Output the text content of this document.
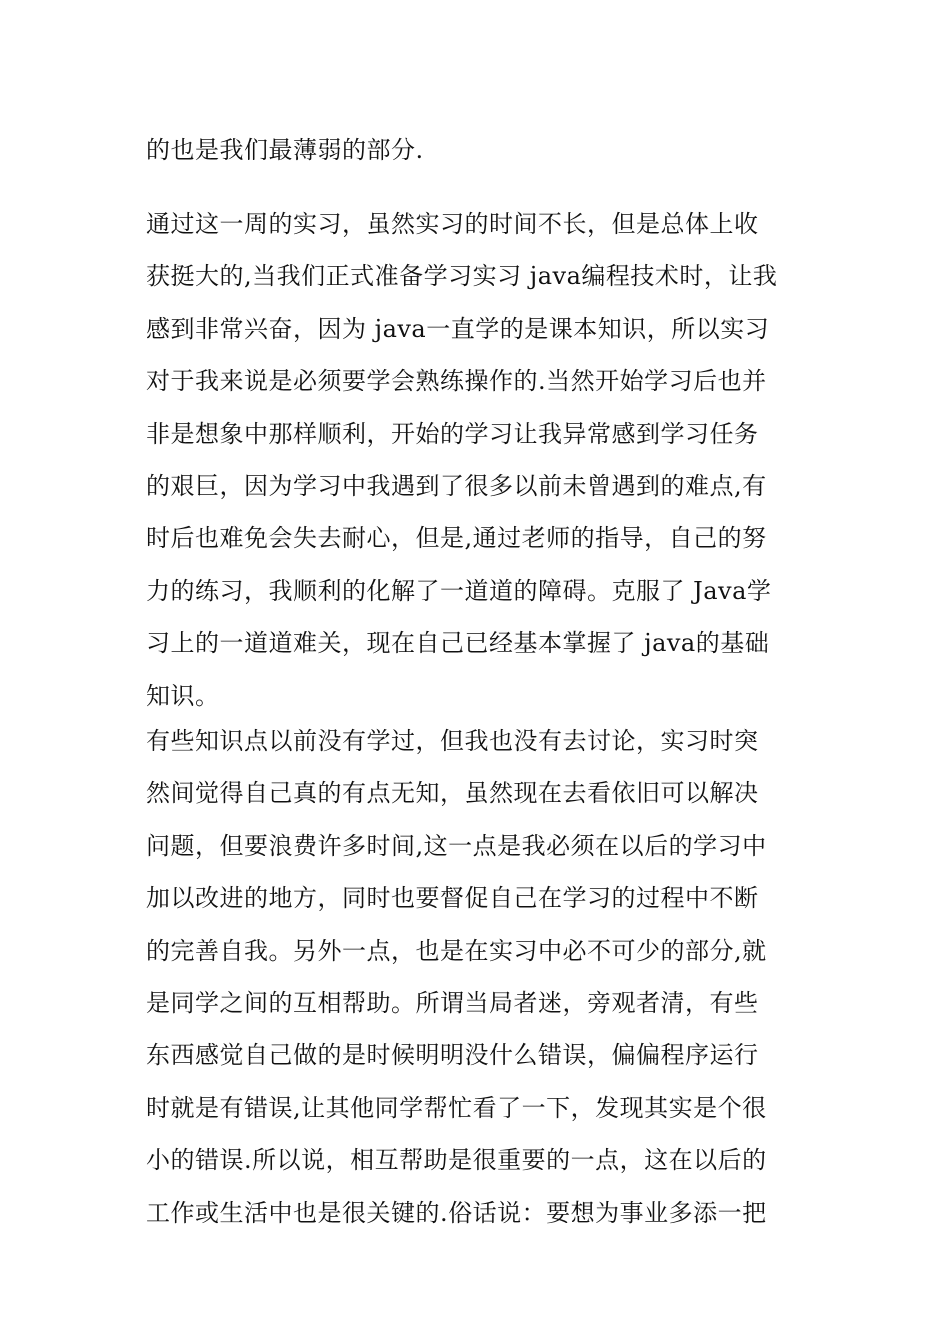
的也是我们最薄弱的部分.
通过这一周的实习，虽然实习的时间不长，但是总体上收
获挺大的,当我们正式准备学习实习 java编程技术时，让我
感到非常兴奋，因为 java一直学的是课本知识，所以实习
对于我来说是必须要学会熟练操作的.当然开始学习后也并
非是想象中那样顺利，开始的学习让我异常感到学习任务
的艰巨，因为学习中我遇到了很多以前未曾遇到的难点,有
时后也难免会失去耐心，但是,通过老师的指导，自己的努
力的练习，我顺利的化解了一道道的障碍。克服了 Java学
习上的一道道难关，现在自己已经基本掌握了 java的基础
知识。
有些知识点以前没有学过，但我也没有去讨论，实习时突
然间觉得自己真的有点无知，虽然现在去看依旧可以解决
问题，但要浪费许多时间,这一点是我必须在以后的学习中
加以改进的地方，同时也要督促自己在学习的过程中不断
的完善自我。另外一点，也是在实习中必不可少的部分,就
是同学之间的互相帮助。所谓当局者迷，旁观者清，有些
东西感觉自己做的是时候明明没什么错误，偏偏程序运行
时就是有错误,让其他同学帮忙看了一下，发现其实是个很
小的错误.所以说，相互帮助是很重要的一点，这在以后的
工作或生活中也是很关键的.俗话说：要想为事业多添一把
